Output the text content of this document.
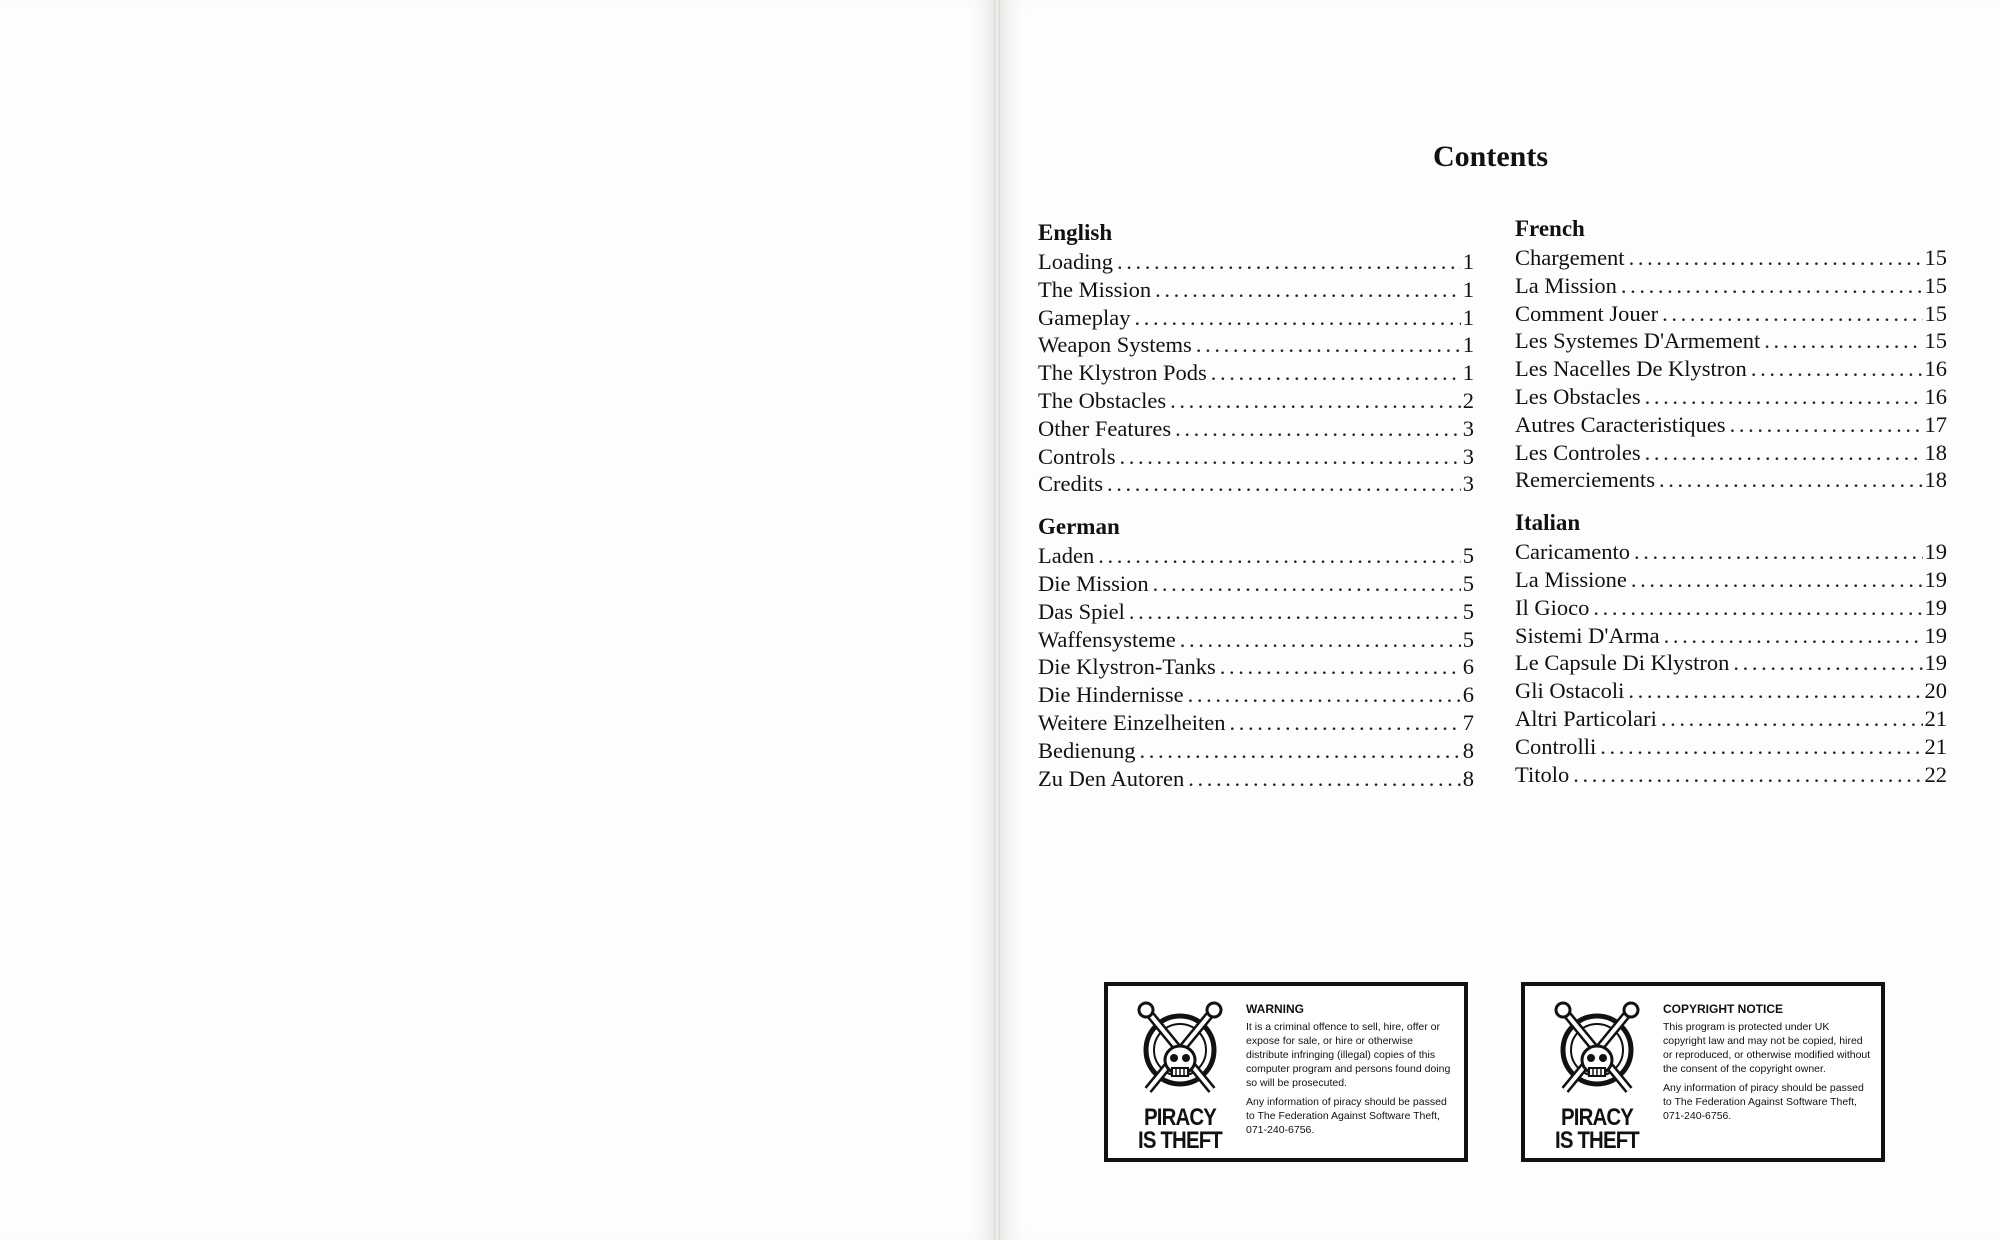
Contents
English
Loading . . .	1
The Mission . . .	1
Gameplay . . .	1
Weapon Systems . . .	1
The Klystron Pods . . .	1
The Obstacles . . .	2
Other Features . . .	3
Controls . . .	3
Credits . . .	3
German
Laden . . .	5
Die Mission . . .	5
Das Spiel . . .	5
Waffensysteme . . .	5
Die Klystron-Tanks . . .	6
Die Hindernisse . . .	6
Weitere Einzelheiten . . .	7
Bedienung . . .	8
Zu Den Autoren . . .	8
French
Chargement . . .	15
La Mission . . .	15
Comment Jouer . . .	15
Les Systemes D'Armement . . .	15
Les Nacelles De Klystron . . .	16
Les Obstacles . . .	16
Autres Caracteristiques . . .	17
Les Controles . . .	18
Remerciements . . .	18
Italian
Caricamento . . .	19
La Missione . . .	19
Il Gioco . . .	19
Sistemi D'Arma . . .	19
Le Capsule Di Klystron . . .	19
Gli Ostacoli . . .	20
Altri Particolari . . .	21
Controlli . . .	21
Titolo . . .	22
PIRACY
IS THEFT
WARNING

It is a criminal offence to sell, hire, offer or expose for sale, or hire or otherwise distribute infringing (illegal) copies of this computer program and persons found doing so will be prosecuted.

Any information of piracy should be passed to The Federation Against Software Theft, 071-240-6756.	PIRACY
IS THEFT
COPYRIGHT NOTICE

This program is protected under UK copyright law and may not be copied, hired or reproduced, or otherwise modified without the consent of the copyright owner.

Any information of piracy should be passed to The Federation Against Software Theft, 071-240-6756.
